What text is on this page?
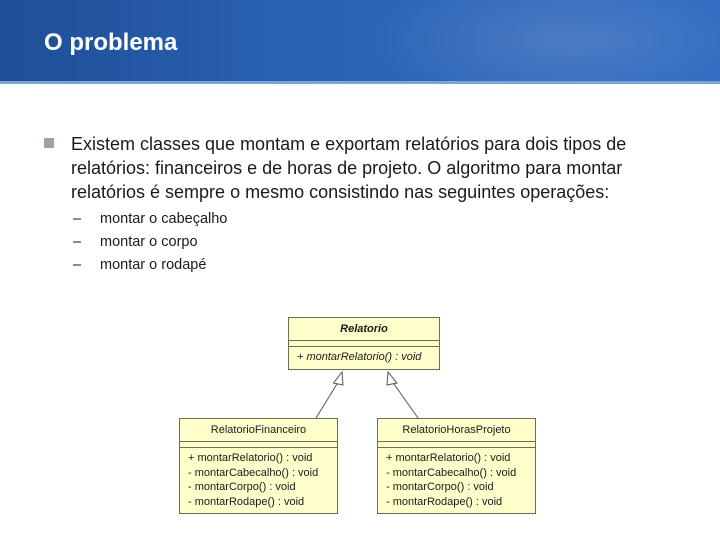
O problema

Existem classes que montam e exportam relatórios para dois tipos de relatórios: financeiros e de horas de projeto. O algoritmo para montar relatórios é sempre o mesmo consistindo nas seguintes operações:

– montar o cabeçalho
– montar o corpo
– montar o rodapé
Relatorio
+ montarRelatorio() : void
RelatorioFinanceiro
+ montarRelatorio() : void
- montarCabecalho() : void
- montarCorpo() : void
- montarRodape() : void
RelatorioHorasProjeto
+ montarRelatorio() : void
- montarCabecalho() : void
- montarCorpo() : void
- montarRodape() : void
